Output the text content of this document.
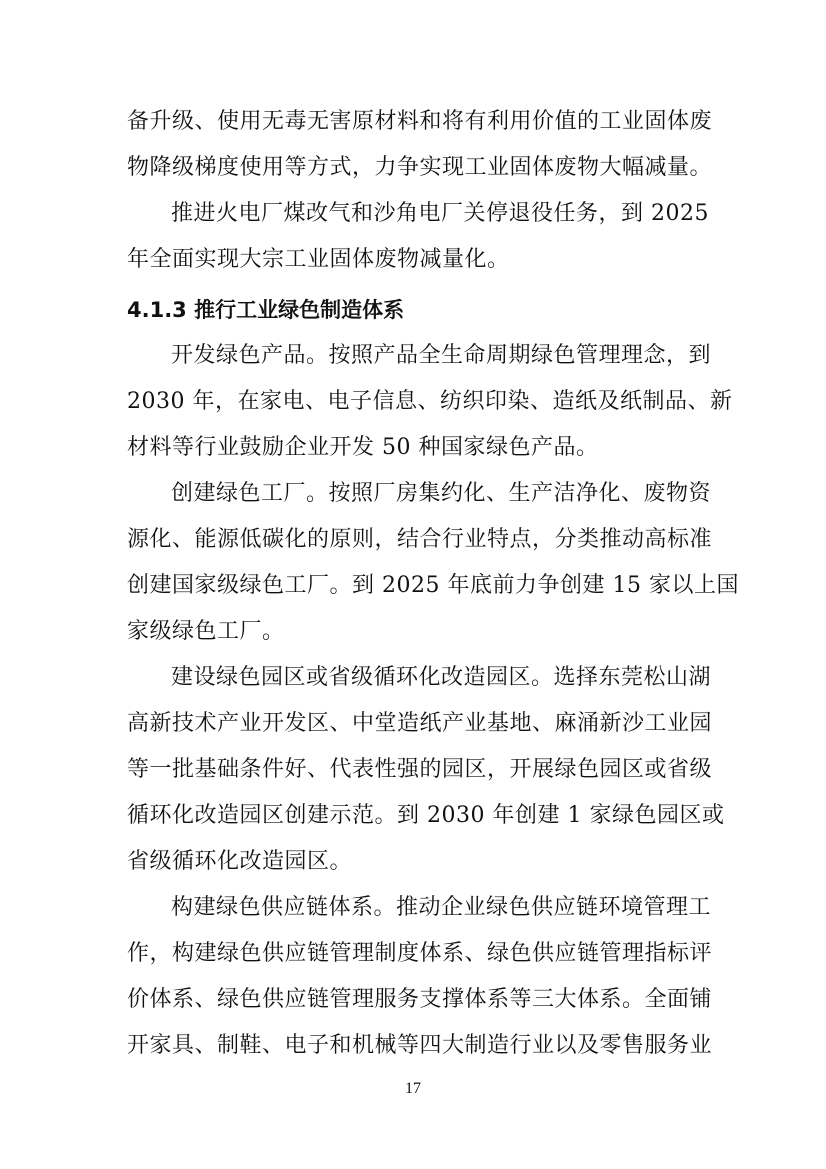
备升级、使用无毒无害原材料和将有利用价值的工业固体废
物降级梯度使用等方式，力争实现工业固体废物大幅减量。
推进火电厂煤改气和沙角电厂关停退役任务，到 2025
年全面实现大宗工业固体废物减量化。
4.1.3 推行工业绿色制造体系
开发绿色产品。按照产品全生命周期绿色管理理念，到
2030 年，在家电、电子信息、纺织印染、造纸及纸制品、新
材料等行业鼓励企业开发 50 种国家绿色产品。
创建绿色工厂。按照厂房集约化、生产洁净化、废物资
源化、能源低碳化的原则，结合行业特点，分类推动高标准
创建国家级绿色工厂。到 2025 年底前力争创建 15 家以上国
家级绿色工厂。
建设绿色园区或省级循环化改造园区。选择东莞松山湖
高新技术产业开发区、中堂造纸产业基地、麻涌新沙工业园
等一批基础条件好、代表性强的园区，开展绿色园区或省级
循环化改造园区创建示范。到 2030 年创建 1 家绿色园区或
省级循环化改造园区。
构建绿色供应链体系。推动企业绿色供应链环境管理工
作，构建绿色供应链管理制度体系、绿色供应链管理指标评
价体系、绿色供应链管理服务支撑体系等三大体系。全面铺
开家具、制鞋、电子和机械等四大制造行业以及零售服务业
17
